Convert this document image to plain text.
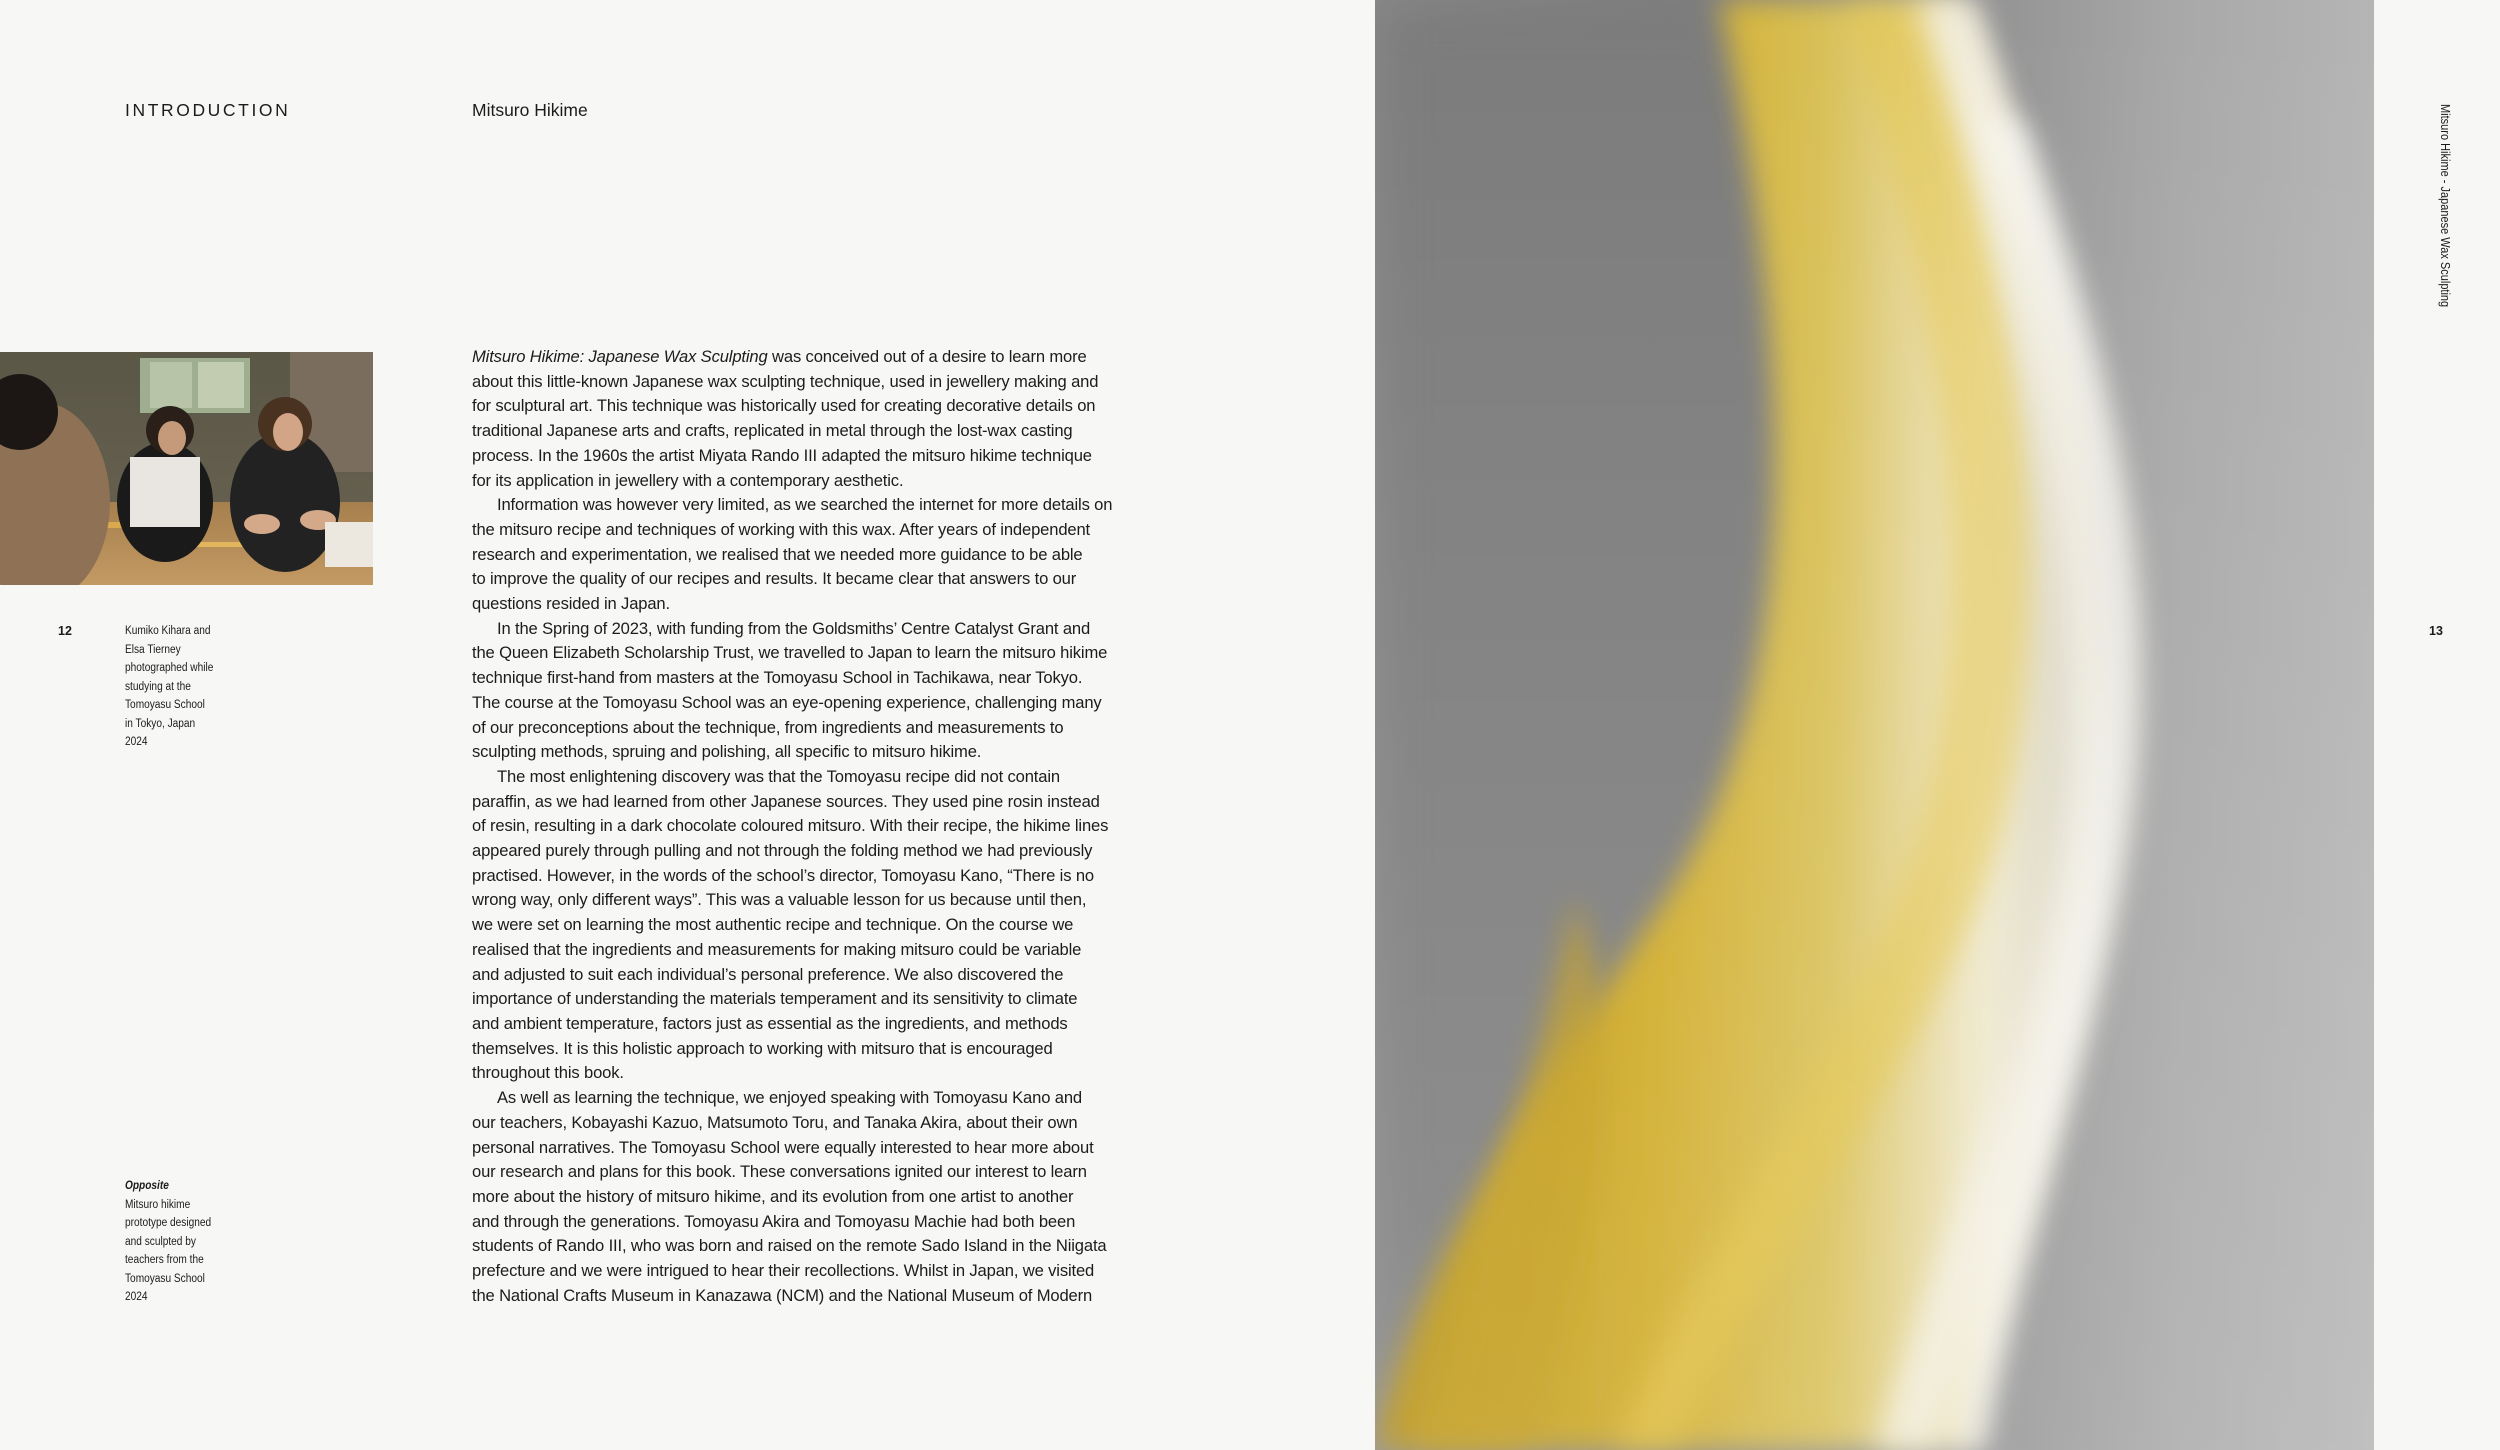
INTRODUCTION	Mitsuro Hikime
12	Kumiko Kihara and
Elsa Tierney
photographed while
studying at the
Tomoyasu School
in Tokyo, Japan
2024
Opposite
Mitsuro hikime
prototype designed
and sculpted by
teachers from the
Tomoyasu School
2024
Mitsuro Hikime: Japanese Wax Sculpting was conceived out of a desire to learn more
about this little-known Japanese wax sculpting technique, used in jewellery making and
for sculptural art. This technique was historically used for creating decorative details on
traditional Japanese arts and crafts, replicated in metal through the lost-wax casting
process. In the 1960s the artist Miyata Rando III adapted the mitsuro hikime technique
for its application in jewellery with a contemporary aesthetic.
Information was however very limited, as we searched the internet for more details on
the mitsuro recipe and techniques of working with this wax. After years of independent
research and experimentation, we realised that we needed more guidance to be able
to improve the quality of our recipes and results. It became clear that answers to our
questions resided in Japan.
In the Spring of 2023, with funding from the Goldsmiths’ Centre Catalyst Grant and
the Queen Elizabeth Scholarship Trust, we travelled to Japan to learn the mitsuro hikime
technique first-hand from masters at the Tomoyasu School in Tachikawa, near Tokyo.
The course at the Tomoyasu School was an eye-opening experience, challenging many
of our preconceptions about the technique, from ingredients and measurements to
sculpting methods, spruing and polishing, all specific to mitsuro hikime.
The most enlightening discovery was that the Tomoyasu recipe did not contain
paraffin, as we had learned from other Japanese sources. They used pine rosin instead
of resin, resulting in a dark chocolate coloured mitsuro. With their recipe, the hikime lines
appeared purely through pulling and not through the folding method we had previously
practised. However, in the words of the school’s director, Tomoyasu Kano, “There is no
wrong way, only different ways”. This was a valuable lesson for us because until then,
we were set on learning the most authentic recipe and technique. On the course we
realised that the ingredients and measurements for making mitsuro could be variable
and adjusted to suit each individual’s personal preference. We also discovered the
importance of understanding the materials temperament and its sensitivity to climate
and ambient temperature, factors just as essential as the ingredients, and methods
themselves. It is this holistic approach to working with mitsuro that is encouraged
throughout this book.
As well as learning the technique, we enjoyed speaking with Tomoyasu Kano and
our teachers, Kobayashi Kazuo, Matsumoto Toru, and Tanaka Akira, about their own
personal narratives. The Tomoyasu School were equally interested to hear more about
our research and plans for this book. These conversations ignited our interest to learn
more about the history of mitsuro hikime, and its evolution from one artist to another
and through the generations. Tomoyasu Akira and Tomoyasu Machie had both been
students of Rando III, who was born and raised on the remote Sado Island in the Niigata
prefecture and we were intrigued to hear their recollections. Whilst in Japan, we visited
the National Crafts Museum in Kanazawa (NCM) and the National Museum of Modern
13
Mitsuro Hikime - Japanese Wax Sculpting
